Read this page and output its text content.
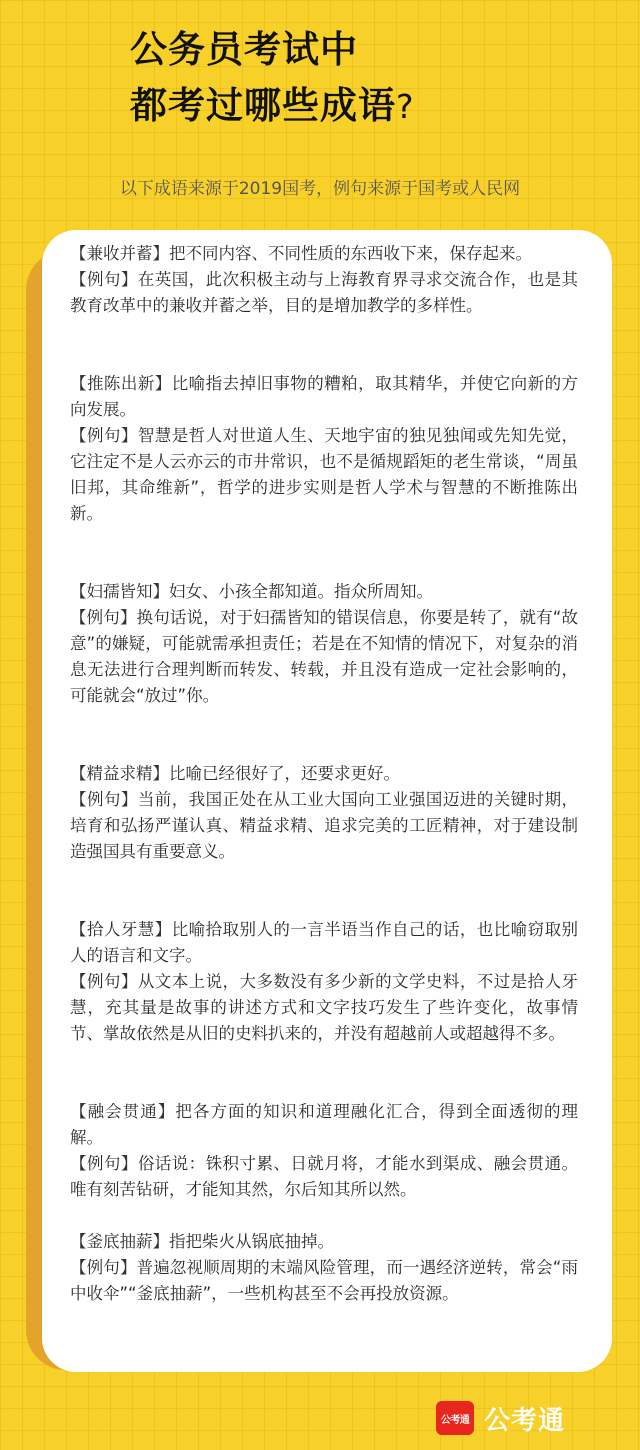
公务员考试中
都考过哪些成语?

以下成语来源于2019国考，例句来源于国考或人民网

【兼收并蓄】把不同内容、不同性质的东西收下来，保存起来。

【例句】在英国，此次积极主动与上海教育界寻求交流合作，也是其教育改革中的兼收并蓄之举，目的是增加教学的多样性。

【推陈出新】比喻指去掉旧事物的糟粕，取其精华，并使它向新的方向发展。

【例句】智慧是哲人对世道人生、天地宇宙的独见独闻或先知先觉，它注定不是人云亦云的市井常识，也不是循规蹈矩的老生常谈，“周虽旧邦，其命维新”，哲学的进步实则是哲人学术与智慧的不断推陈出新。

【妇孺皆知】妇女、小孩全都知道。指众所周知。

【例句】换句话说，对于妇孺皆知的错误信息，你要是转了，就有“故意”的嫌疑，可能就需承担责任；若是在不知情的情况下，对复杂的消息无法进行合理判断而转发、转载，并且没有造成一定社会影响的，可能就会“放过”你。

【精益求精】比喻已经很好了，还要求更好。

【例句】当前，我国正处在从工业大国向工业强国迈进的关键时期，培育和弘扬严谨认真、精益求精、追求完美的工匠精神，对于建设制造强国具有重要意义。

【拾人牙慧】比喻拾取别人的一言半语当作自己的话，也比喻窃取别人的语言和文字。

【例句】从文本上说，大多数没有多少新的文学史料，不过是拾人牙慧，充其量是故事的讲述方式和文字技巧发生了些许变化，故事情节、掌故依然是从旧的史料扒来的，并没有超越前人或超越得不多。

【融会贯通】把各方面的知识和道理融化汇合，得到全面透彻的理解。

【例句】俗话说：铢积寸累、日就月将，才能水到渠成、融会贯通。唯有刻苦钻研，才能知其然，尔后知其所以然。

【釜底抽薪】指把柴火从锅底抽掉。

【例句】普遍忽视顺周期的末端风险管理，而一遇经济逆转，常会“雨中收伞”“釜底抽薪”，一些机构甚至不会再投放资源。

公考通 公考通
